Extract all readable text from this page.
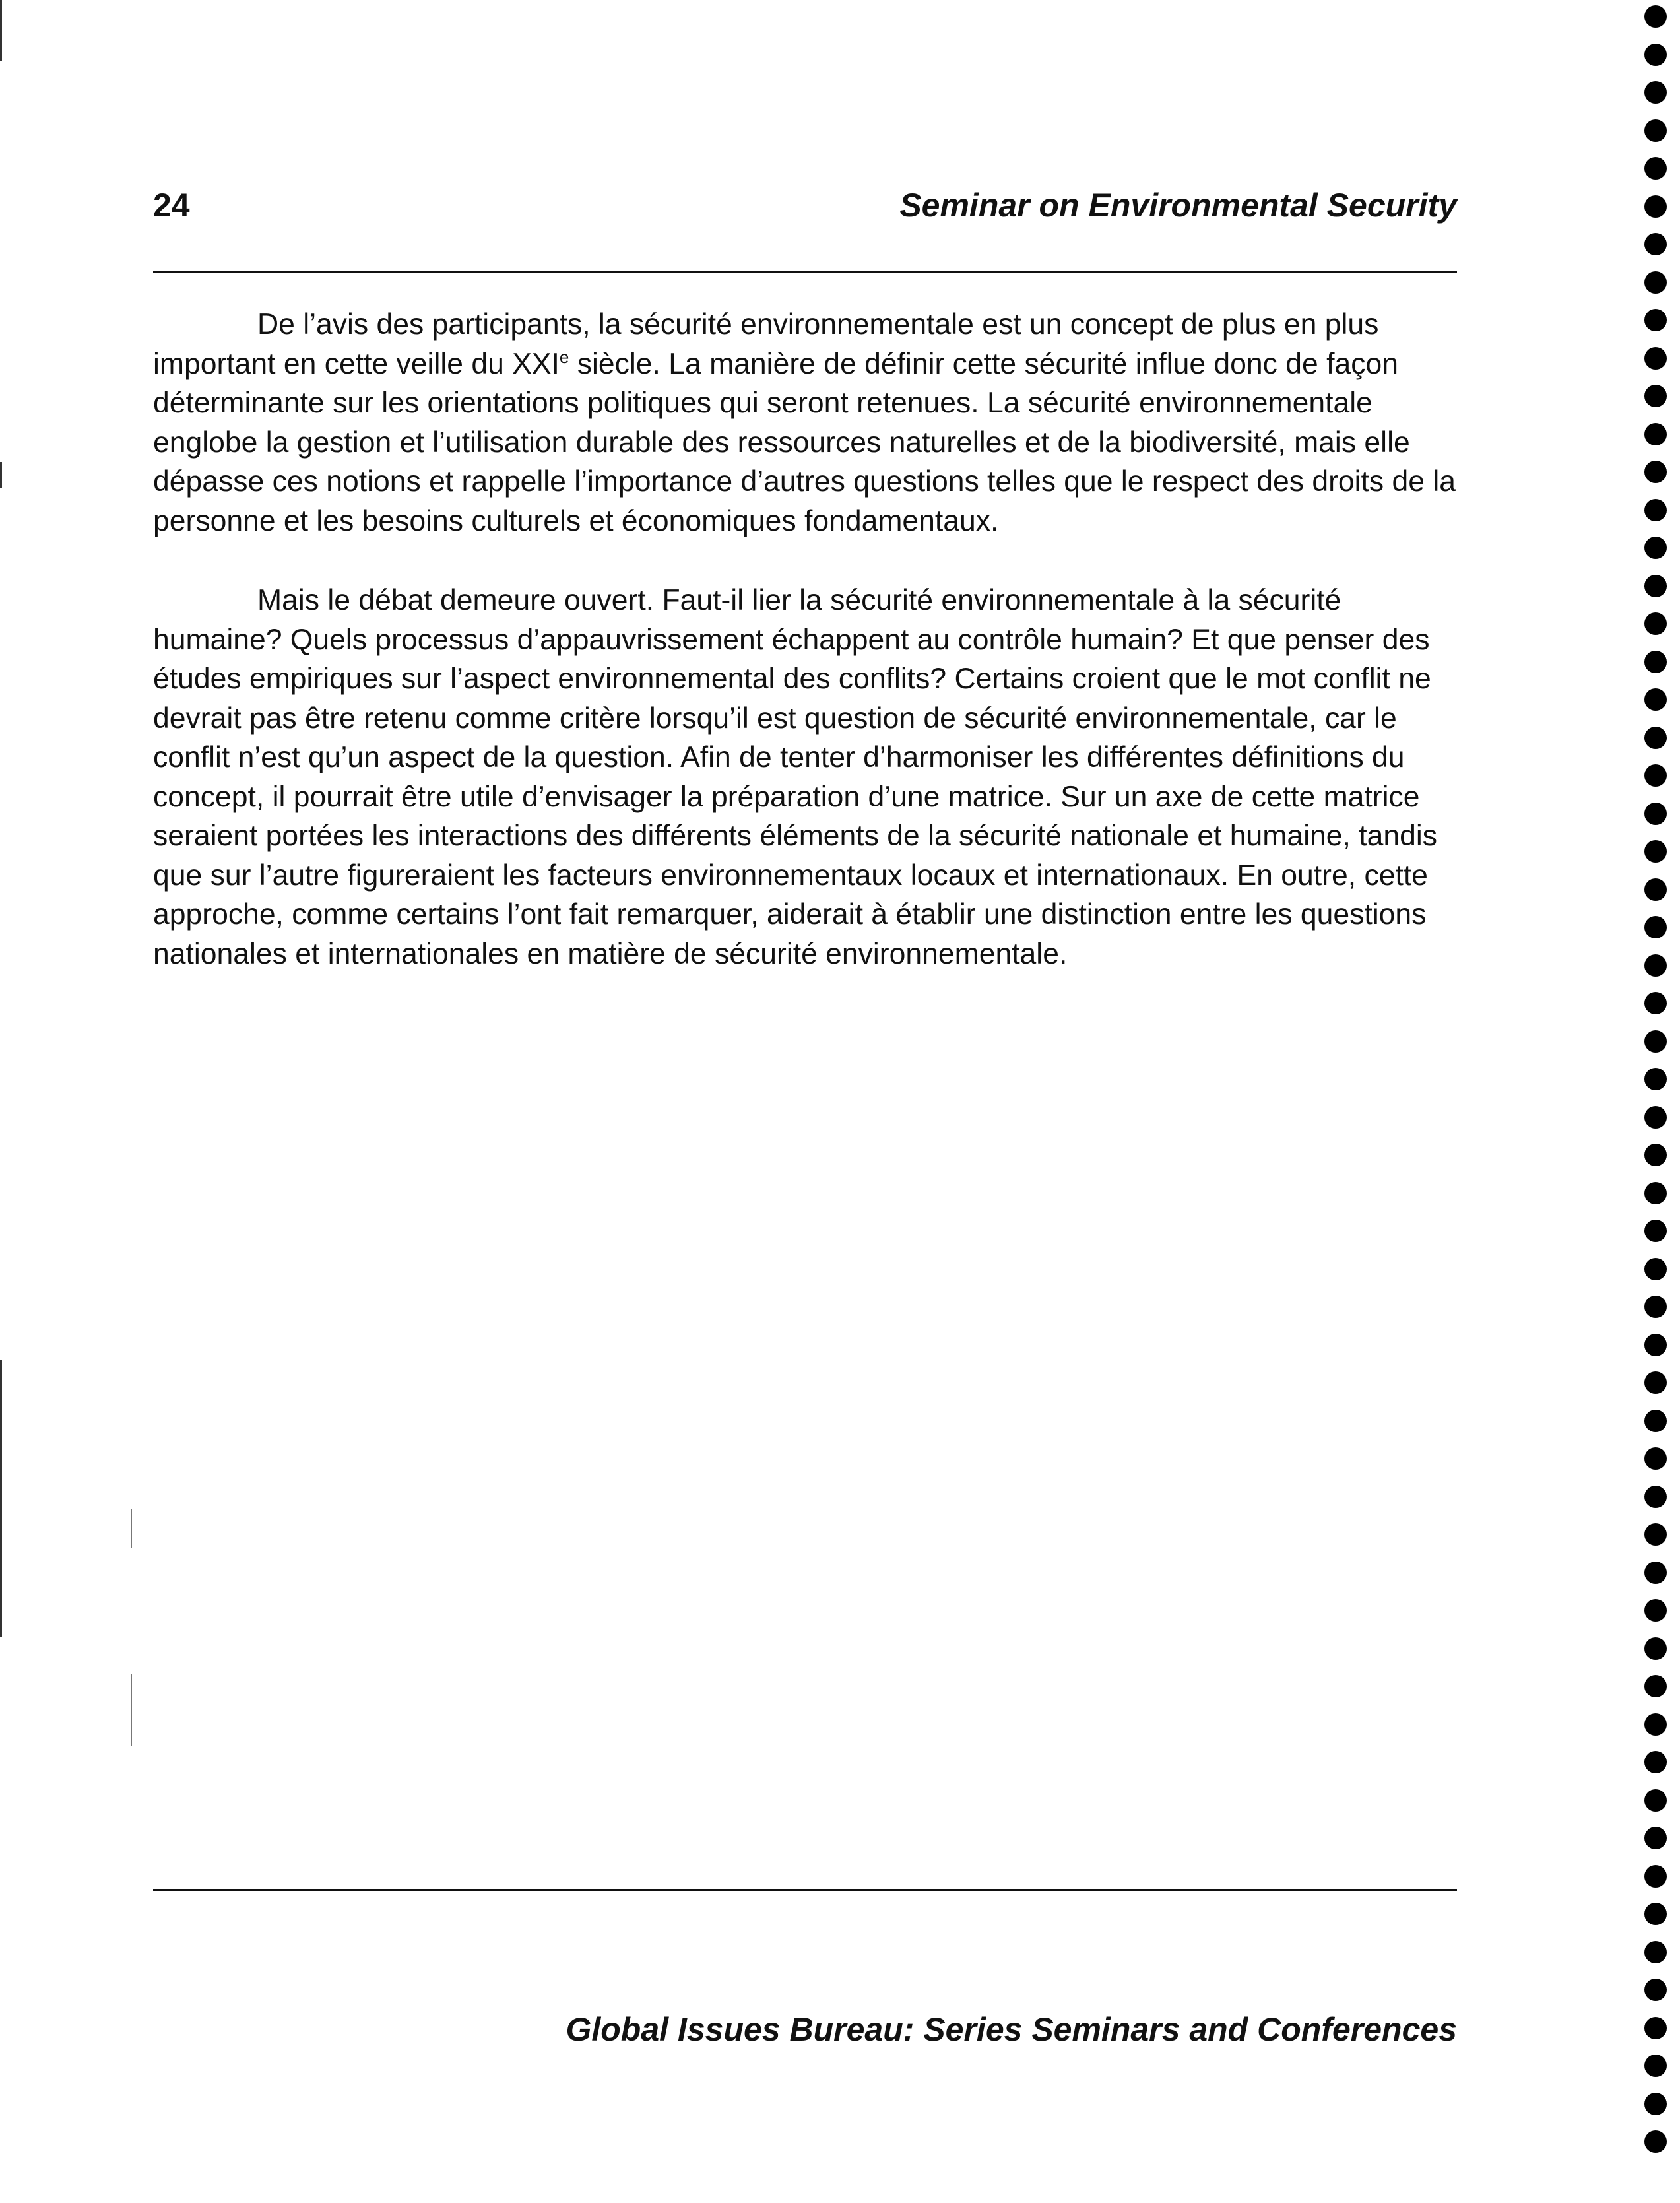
24	Seminar on Environmental Security

De l’avis des participants, la sécurité environnementale est un concept de plus en plus important en cette veille du XXIe siècle. La manière de définir cette sécurité influe donc de façon déterminante sur les orientations politiques qui seront retenues. La sécurité environnementale englobe la gestion et l’utilisation durable des ressources naturelles et de la biodiversité, mais elle dépasse ces notions et rappelle l’importance d’autres questions telles que le respect des droits de la personne et les besoins culturels et économiques fondamentaux.

Mais le débat demeure ouvert. Faut-il lier la sécurité environnementale à la sécurité humaine? Quels processus d’appauvrissement échappent au contrôle humain? Et que penser des études empiriques sur l’aspect environnemental des conflits? Certains croient que le mot conflit ne devrait pas être retenu comme critère lorsqu’il est question de sécurité environnementale, car le conflit n’est qu’un aspect de la question. Afin de tenter d’harmoniser les différentes définitions du concept, il pourrait être utile d’envisager la préparation d’une matrice. Sur un axe de cette matrice seraient portées les interactions des différents éléments de la sécurité nationale et humaine, tandis que sur l’autre figureraient les facteurs environnementaux locaux et internationaux. En outre, cette approche, comme certains l’ont fait remarquer, aiderait à établir une distinction entre les questions nationales et internationales en matière de sécurité environnementale.

Global Issues Bureau: Series Seminars and Conferences
